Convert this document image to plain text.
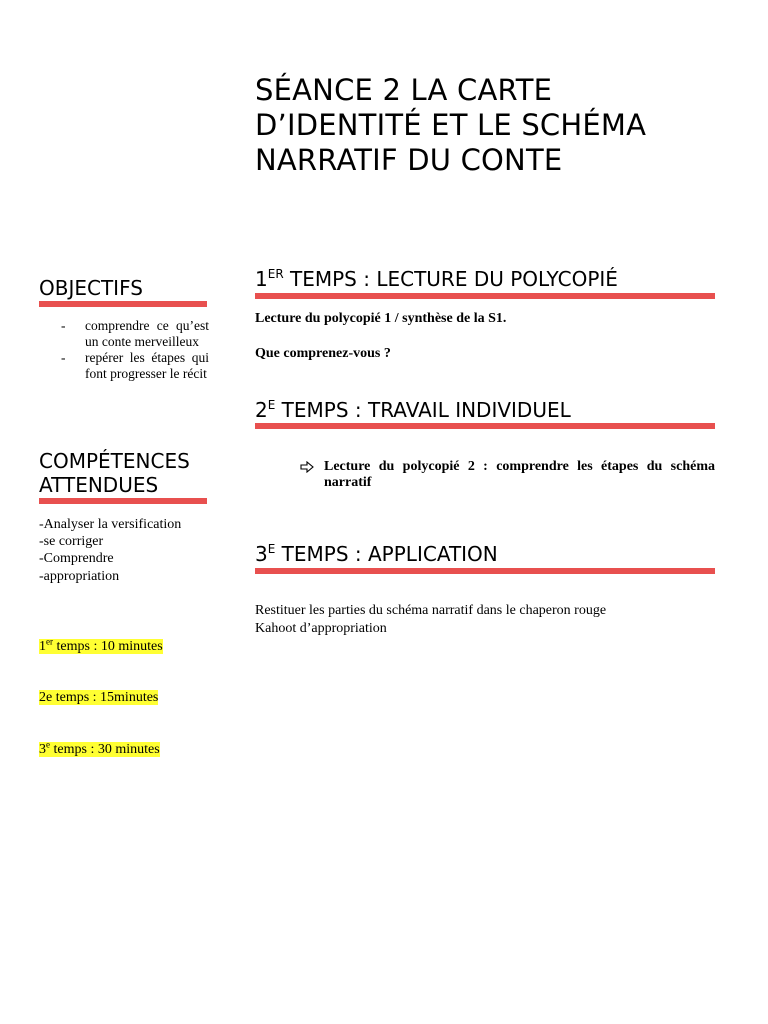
SÉANCE 2 LA CARTE D’IDENTITÉ ET LE SCHÉMA NARRATIF DU CONTE
OBJECTIFS
- comprendre ce qu’est un conte merveilleux
- repérer les étapes qui font progresser le récit
COMPÉTENCES
ATTENDUES
-Analyser la versification
-se corriger
-Comprendre
-appropriation
1er temps : 10 minutes
2e temps : 15minutes
3e temps : 30 minutes
1ER TEMPS : LECTURE DU POLYCOPIÉ
Lecture du polycopié 1 / synthèse de la S1.
Que comprenez-vous ?
$2^E$ TEMPS : TRAVAIL INDIVIDUEL
Lecture du polycopié 2 : comprendre les étapes du schéma narratif
$3^E$ TEMPS : APPLICATION
Restituer les parties du schéma narratif dans le chaperon rouge
Kahoot d’appropriation
